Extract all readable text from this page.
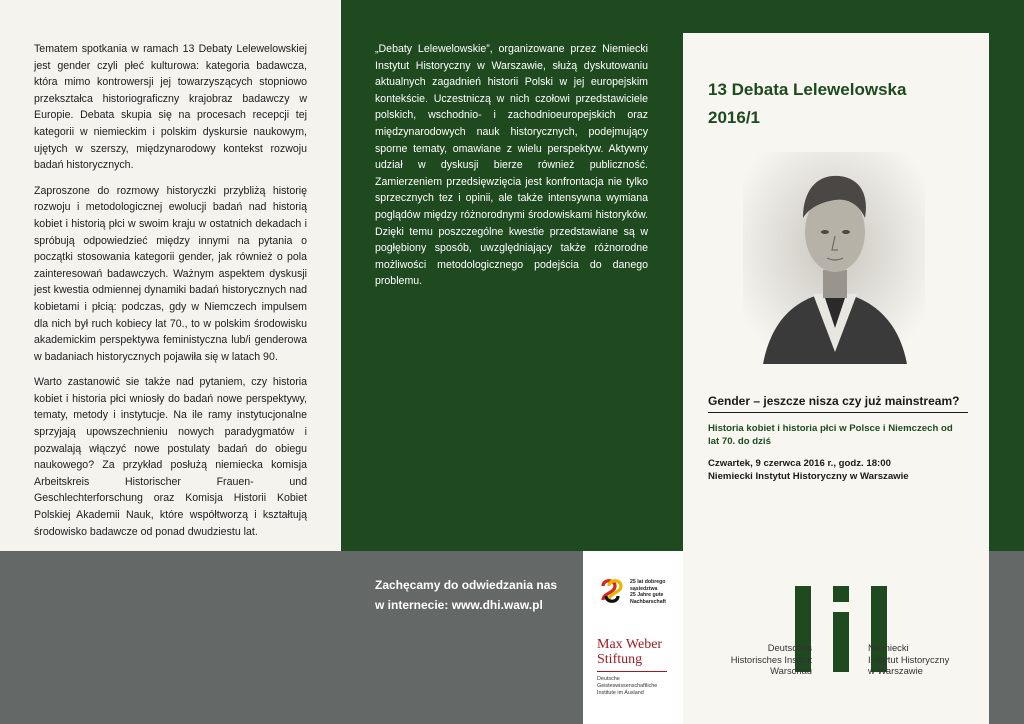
Tematem spotkania w ramach 13 Debaty Lelewelowskiej jest gender czyli płeć kulturowa: kategoria badawcza, która mimo kontrowersji jej towarzyszących stopniowo przekształca historiograficzny krajobraz badawczy w Europie. Debata skupia się na procesach recepcji tej kategorii w niemieckim i polskim dyskursie naukowym, ujętych w szerszy, międzynarodowy kontekst rozwoju badań historycznych.

Zaproszone do rozmowy historyczki przybliżą historię rozwoju i metodologicznej ewolucji badań nad historią kobiet i historią płci w swoim kraju w ostatnich dekadach i spróbują odpowiedzieć między innymi na pytania o początki stosowania kategorii gender, jak również o pola zainteresowań badawczych. Ważnym aspektem dyskusji jest kwestia odmiennej dynamiki badań historycznych nad kobietami i płcią: podczas, gdy w Niemczech impulsem dla nich był ruch kobiecy lat 70., to w polskim środowisku akademickim perspektywa feministyczna lub/i genderowa w badaniach historycznych pojawiła się w latach 90.

Warto zastanowić sie także nad pytaniem, czy historia kobiet i historia płci wniosły do badań nowe perspektywy, tematy, metody i instytucje. Na ile ramy instytucjonalne sprzyjają upowszechnieniu nowych paradygmatów i pozwalają włączyć nowe postulaty badań do obiegu naukowego? Za przykład posłużą niemiecka komisja Arbeitskreis Historischer Frauen- und Geschlechterforschung oraz Komisja Historii Kobiet Polskiej Akademii Nauk, które współtworzą i kształtują środowisko badawcze od ponad dwudziestu lat.

„Debaty Lelewelowskie”, organizowane przez Niemiecki Instytut Historyczny w Warszawie, służą dyskutowaniu aktualnych zagadnień historii Polski w jej europejskim kontekście. Uczestniczą w nich czołowi przedstawiciele polskich, wschodnio- i zachodnioeuropejskich oraz międzynarodowych nauk historycznych, podejmujący sporne tematy, omawiane z wielu perspektyw. Aktywny udział w dyskusji bierze również publiczność. Zamierzeniem przedsięwzięcia jest konfrontacja nie tylko sprzecznych tez i opinii, ale także intensywna wymiana poglądów między różnorodnymi środowiskami historyków. Dzięki temu poszczególne kwestie przedstawiane są w pogłębiony sposób, uwzględniający także różnorodne możliwości metodologicznego podejścia do danego problemu.

13 Debata Lelewelowska
2016/1
Gender – jeszcze nisza czy już mainstream?
Historia kobiet i historia płci w Polsce i Niemczech od lat 70. do dziś
Czwartek, 9 czerwca 2016 r., godz. 18:00
Niemiecki Instytut Historyczny w Warszawie
Zachęcamy do odwiedzania nas
w internecie: www.dhi.waw.pl
25 lat dobrego sąsiedztwa
25 Jahre gute Nachbarschaft
Max Weber
Stiftung
Deutsche Geisteswissenschaftliche Institute im Ausland
Deutsches
Historisches Institut
Warschau
Niemiecki
Instytut Historyczny
w Warszawie
